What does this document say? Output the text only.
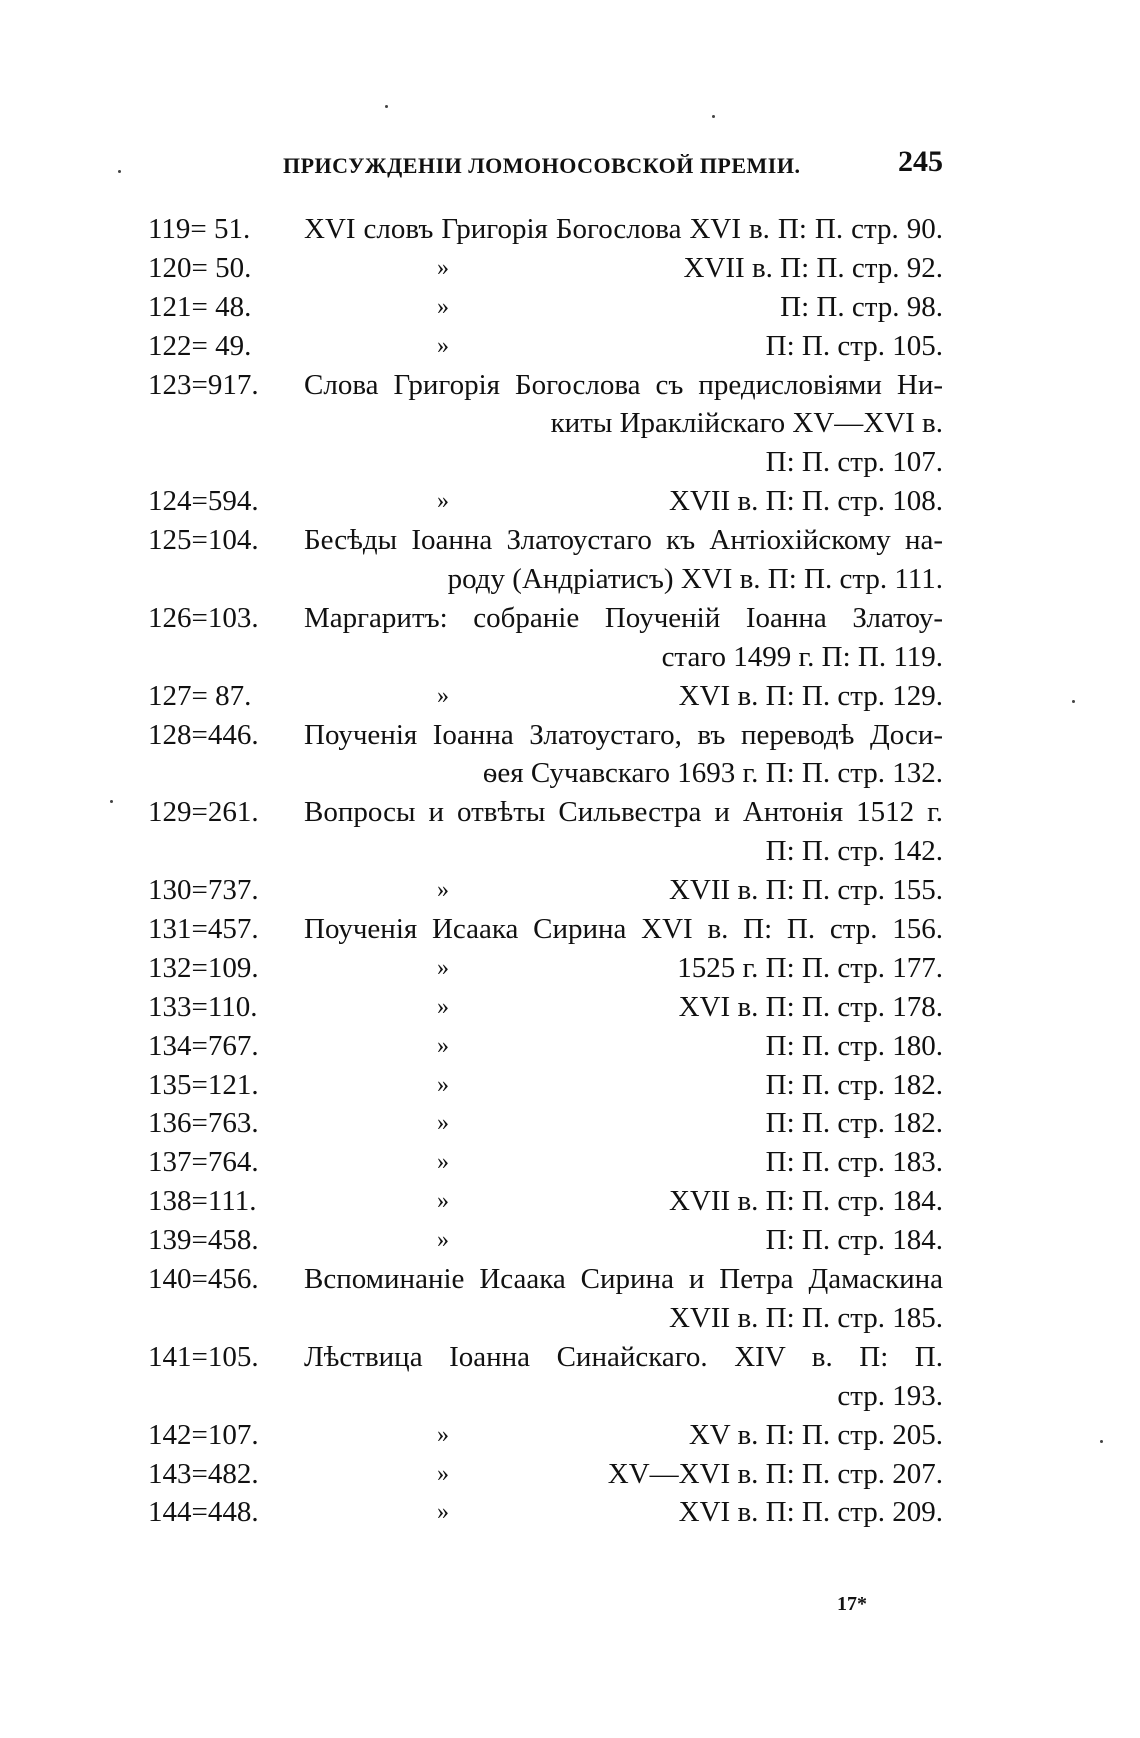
ПРИСУЖДЕНІИ ЛОМОНОСОВСКОЙ ПРЕМІИ.	245
119= 51. XVI словъ Григорія Богослова XVI в. П: П. стр. 90.
120= 50.	»	XVII в. П: П. стр. 92.
121= 48.	»	П: П. стр. 98.
122= 49.	»	П: П. стр. 105.
123=917. Слова Григорія Богослова съ предисловіями Ни-
киты Ираклійскаго XV—XVI в.
П: П. стр. 107.
124=594.	»	XVII в. П: П. стр. 108.
125=104. Бесѣды Іоанна Златоустаго къ Антіохійскому на-
роду (Андріатисъ) XVI в. П: П. стр. 111.
126=103. Маргаритъ: собраніе Поученій Іоанна Златоу-
стаго 1499 г. П: П. 119.
127= 87.	»	XVI в. П: П. стр. 129.
128=446. Поученія Іоанна Златоустаго, въ переводѣ Доси-
ѳея Сучавскаго 1693 г. П: П. стр. 132.
129=261. Вопросы и отвѣты Сильвестра и Антонія 1512 г.
П: П. стр. 142.
130=737.	»	XVII в. П: П. стр. 155.
131=457. Поученія Исаака Сирина XVI в. П: П. стр. 156.
132=109.	»	1525 г. П: П. стр. 177.
133=110.	»	XVI в. П: П. стр. 178.
134=767.	»	П: П. стр. 180.
135=121.	»	П: П. стр. 182.
136=763.	»	П: П. стр. 182.
137=764.	»	П: П. стр. 183.
138=111.	»	XVII в. П: П. стр. 184.
139=458.	»	П: П. стр. 184.
140=456. Вспоминаніе Исаака Сирина и Петра Дамаскина
XVII в. П: П. стр. 185.
141=105. Лѣствица Іоанна Синайскаго. XIV в. П: П.
стр. 193.
142=107.	»	XV в. П: П. стр. 205.
143=482.	»	XV—XVI в. П: П. стр. 207.
144=448.	»	XVI в. П: П. стр. 209.
17*
